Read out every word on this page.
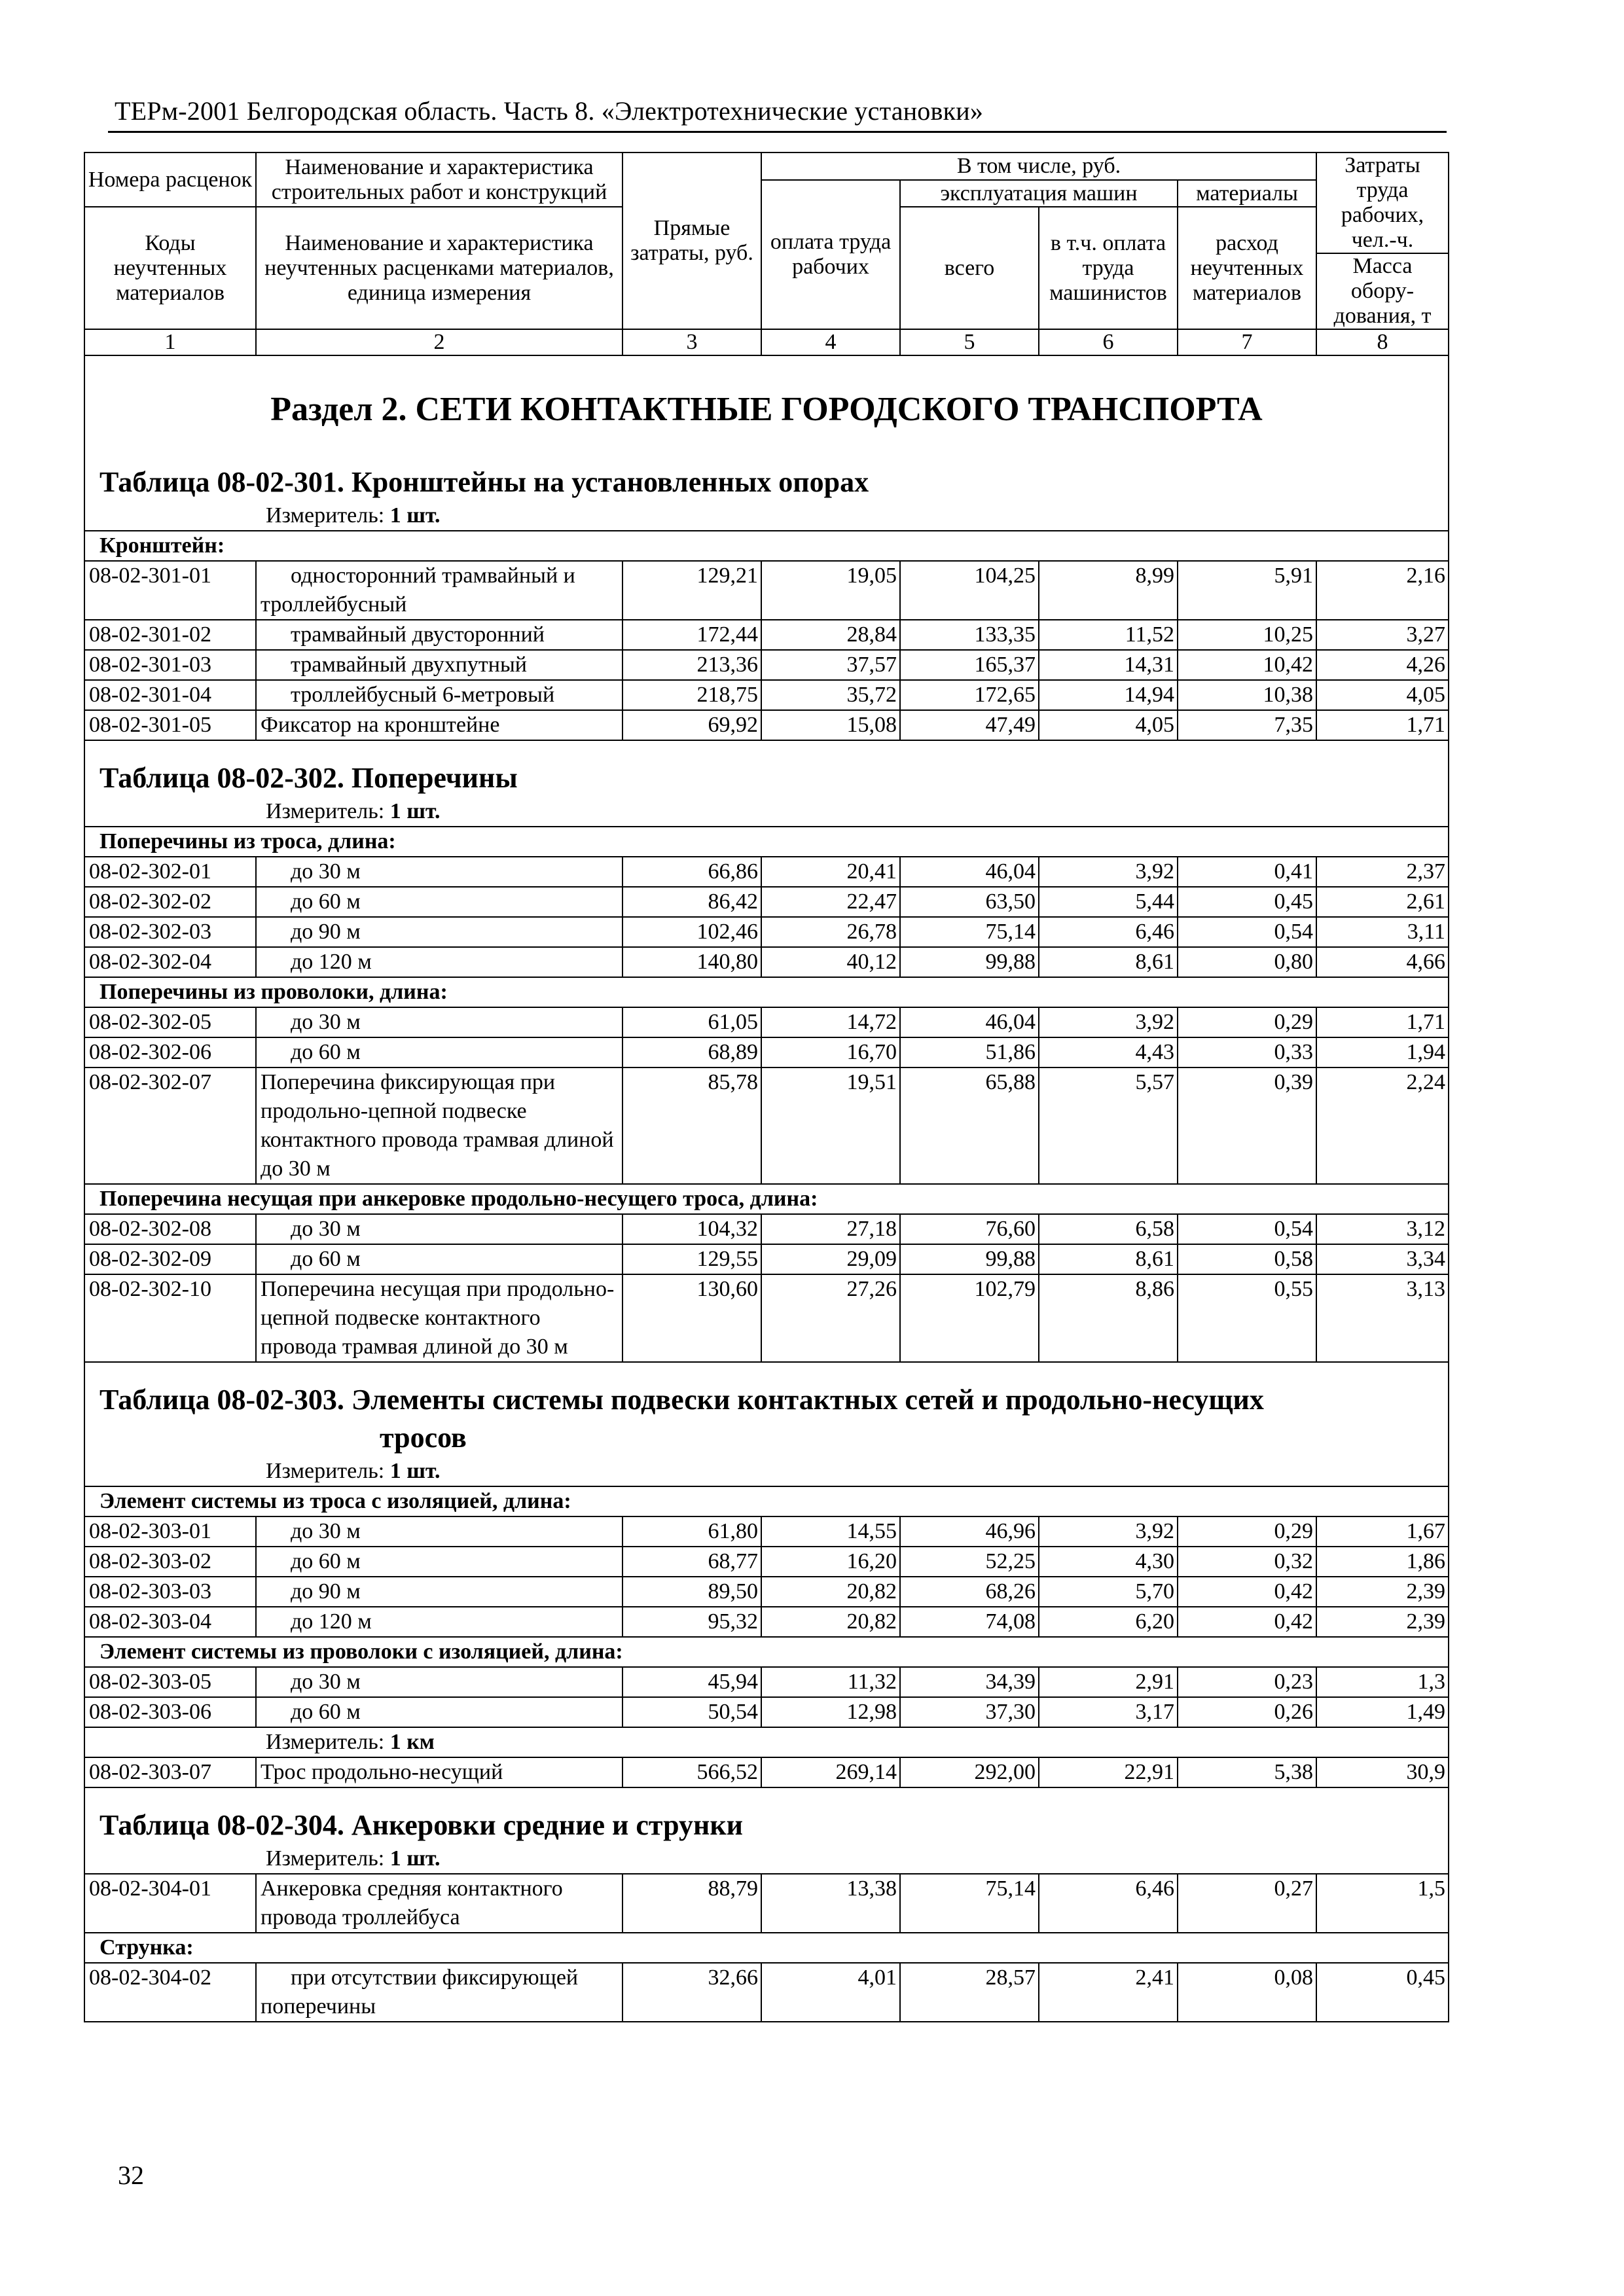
ТЕРм-2001 Белгородская область. Часть 8. «Электротехнические установки»
Номера расценок	Наименование и характеристика строительных работ и конструкций	Прямые затраты, руб.	В том числе, руб.				Затраты труда рабочих, чел.-ч.
			оплата труда рабочих	эксплуатация машин		материалы	
Коды неучтенных материалов	Наименование и характеристика неучтенных расценками материалов, единица измерения			всего	в т.ч. оплата труда машинистов	расход неучтенных материалов	
							Масса обору-дования, т
1	2	3	4	5	6	7	8
Раздел 2. СЕТИ КОНТАКТНЫЕ ГОРОДСКОГО ТРАНСПОРТА							
Таблица 08-02-301. Кронштейны на установленных опорах							
Измеритель: 1 шт.							
Кронштейн:							
08-02-301-01	односторонний трамвайный и троллейбусный	129,21	19,05	104,25	8,99	5,91	2,16
08-02-301-02	трамвайный двусторонний	172,44	28,84	133,35	11,52	10,25	3,27
08-02-301-03	трамвайный двухпутный	213,36	37,57	165,37	14,31	10,42	4,26
08-02-301-04	троллейбусный 6-метровый	218,75	35,72	172,65	14,94	10,38	4,05
08-02-301-05	Фиксатор на кронштейне	69,92	15,08	47,49	4,05	7,35	1,71
Таблица 08-02-302. Поперечины							
Измеритель: 1 шт.							
Поперечины из троса, длина:							
08-02-302-01	до 30 м	66,86	20,41	46,04	3,92	0,41	2,37
08-02-302-02	до 60 м	86,42	22,47	63,50	5,44	0,45	2,61
08-02-302-03	до 90 м	102,46	26,78	75,14	6,46	0,54	3,11
08-02-302-04	до 120 м	140,80	40,12	99,88	8,61	0,80	4,66
Поперечины из проволоки, длина:							
08-02-302-05	до 30 м	61,05	14,72	46,04	3,92	0,29	1,71
08-02-302-06	до 60 м	68,89	16,70	51,86	4,43	0,33	1,94
08-02-302-07	Поперечина фиксирующая при продольно-цепной подвеске контактного провода трамвая длиной до 30 м	85,78	19,51	65,88	5,57	0,39	2,24
Поперечина несущая при анкеровке продольно-несущего троса, длина:							
08-02-302-08	до 30 м	104,32	27,18	76,60	6,58	0,54	3,12
08-02-302-09	до 60 м	129,55	29,09	99,88	8,61	0,58	3,34
08-02-302-10	Поперечина несущая при продольно-цепной подвеске контактного провода трамвая длиной до 30 м	130,60	27,26	102,79	8,86	0,55	3,13
Таблица 08-02-303. Элементы системы подвески контактных сетей и продольно-несущих
тросов							

Измеритель: 1 шт.							
Элемент системы из троса с изоляцией, длина:							
08-02-303-01	до 30 м	61,80	14,55	46,96	3,92	0,29	1,67
08-02-303-02	до 60 м	68,77	16,20	52,25	4,30	0,32	1,86
08-02-303-03	до 90 м	89,50	20,82	68,26	5,70	0,42	2,39
08-02-303-04	до 120 м	95,32	20,82	74,08	6,20	0,42	2,39
Элемент системы из проволоки с изоляцией, длина:							
08-02-303-05	до 30 м	45,94	11,32	34,39	2,91	0,23	1,3
08-02-303-06	до 60 м	50,54	12,98	37,30	3,17	0,26	1,49
Измеритель: 1 км							
08-02-303-07	Трос продольно-несущий	566,52	269,14	292,00	22,91	5,38	30,9
Таблица 08-02-304. Анкеровки средние и струнки							
Измеритель: 1 шт.							
08-02-304-01	Анкеровка средняя контактного провода троллейбуса	88,79	13,38	75,14	6,46	0,27	1,5
Струнка:							
08-02-304-02	при отсутствии фиксирующей поперечины	32,66	4,01	28,57	2,41	0,08	0,45
32
